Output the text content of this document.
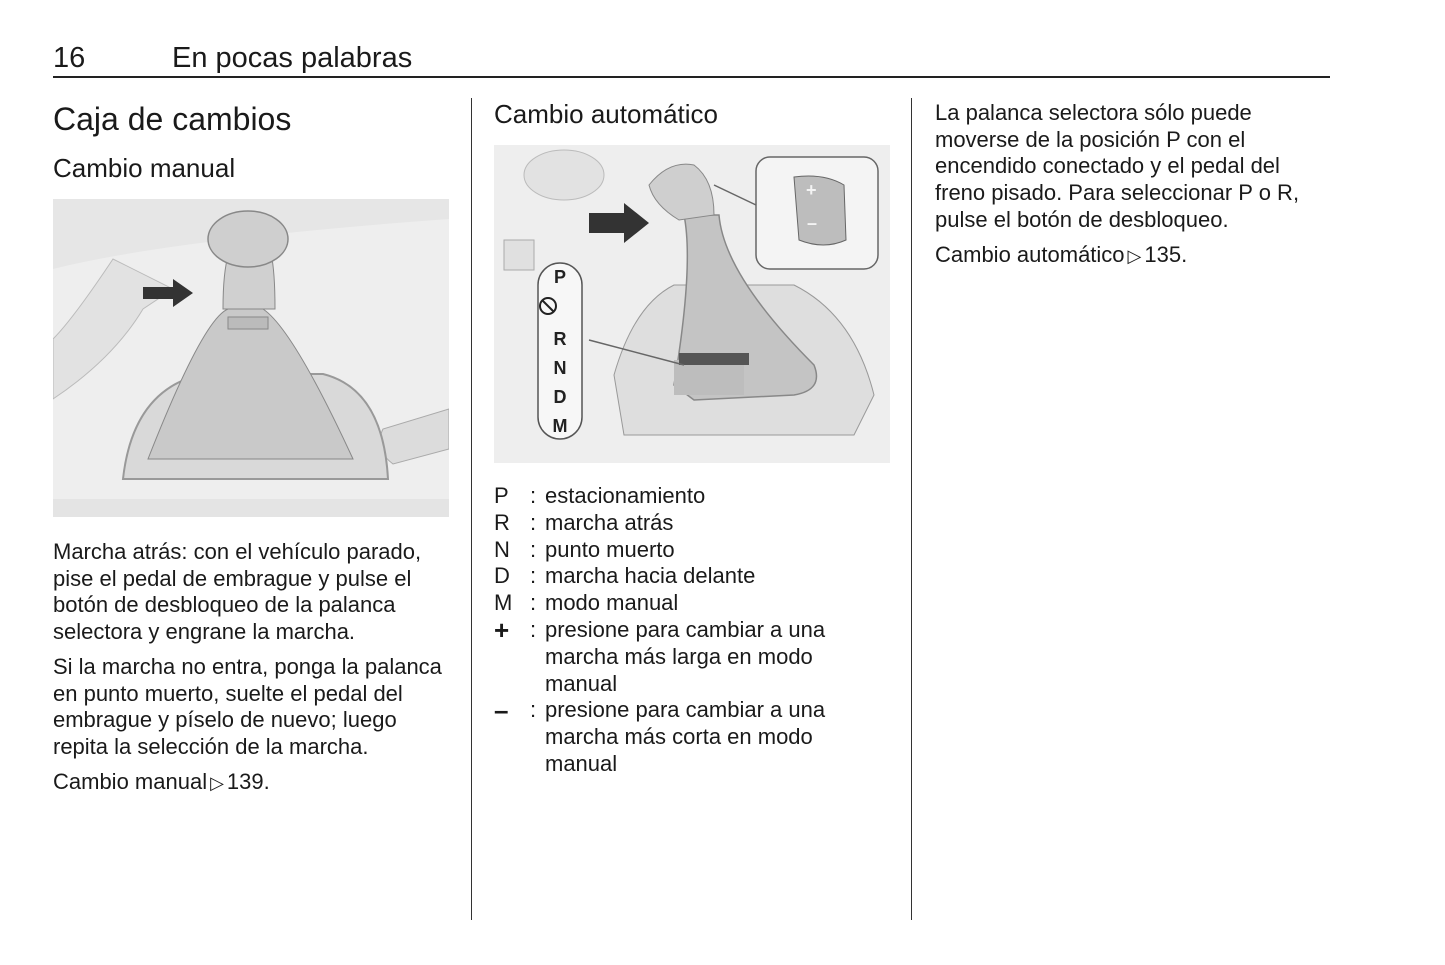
16	En pocas palabras
Caja de cambios
Cambio manual

Marcha atrás: con el vehículo parado, pise el pedal de embrague y pulse el botón de desbloqueo de la palanca selectora y engrane la marcha.

Si la marcha no entra, ponga la palanca en punto muerto, suelte el pedal del embrague y píselo de nuevo; luego repita la selección de la marcha.

Cambio manual ▷ 139.

Cambio automático
P
R
N
D
M
+
–
P : estacionamiento
R : marcha atrás
N : punto muerto
D : marcha hacia delante
M : modo manual
+ : presione para cambiar a una marcha más larga en modo manual
– : presione para cambiar a una marcha más corta en modo manual

La palanca selectora sólo puede moverse de la posición P con el encendido conectado y el pedal del freno pisado. Para seleccionar P o R, pulse el botón de desbloqueo.

Cambio automático ▷ 135.
